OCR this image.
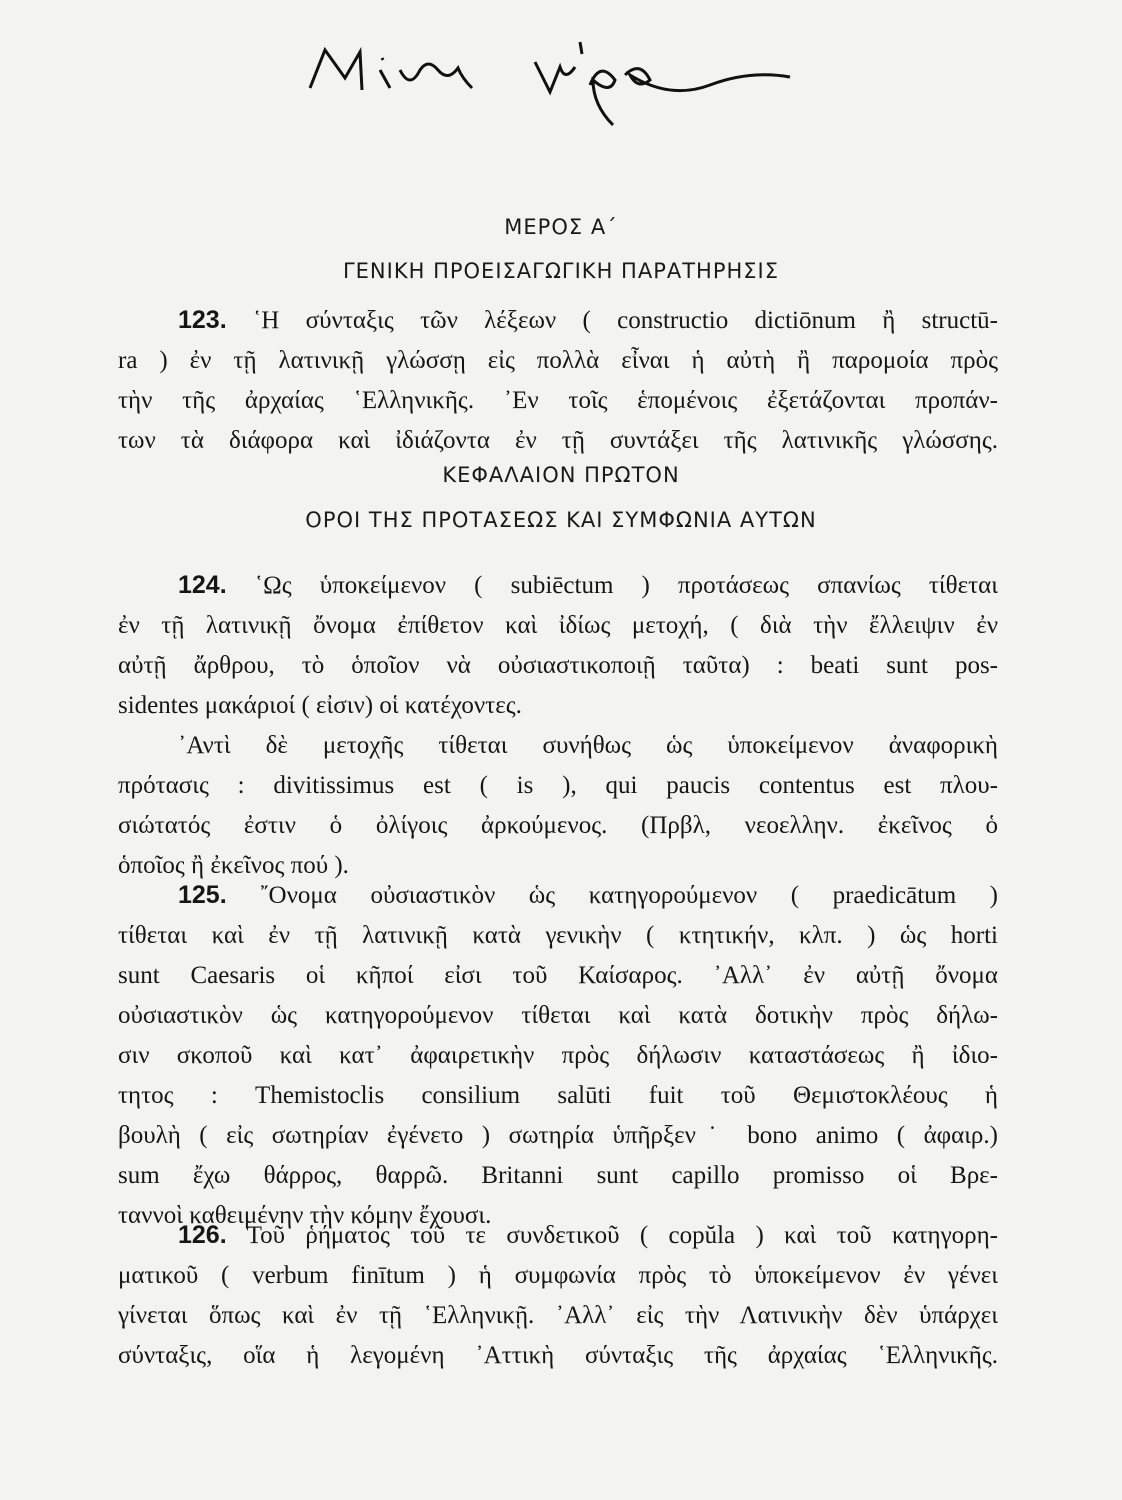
ΜΕΡΟΣ Α΄
ΓΕΝΙΚΗ ΠΡΟΕΙΣΑΓΩΓΙΚΗ ΠΑΡΑΤΗΡΗΣΙΣ
123. ῾Η σύνταξις τῶν λέξεων ( constructio dictiōnum ἢ structū-
ra ) ἐν τῇ λατινικῇ γλώσσῃ εἰς πολλὰ εἶναι ἡ αὐτὴ ἢ παρομοία πρὸς
τὴν τῆς ἀρχαίας ῾Ελληνικῆς. ᾿Εν τοῖς ἑπομένοις ἐξετάζονται προπάν-
των τὰ διάφορα καὶ ἰδιάζοντα ἐν τῇ συντάξει τῆς λατινικῆς γλώσσης.
ΚΕΦΑΛΑΙΟΝ ΠΡΩΤΟΝ
ΟΡΟΙ ΤΗΣ ΠΡΟΤΑΣΕΩΣ ΚΑΙ ΣΥΜΦΩΝΙΑ ΑΥΤΩΝ
124. ῾Ως ὑποκείμενον ( subiēctum ) προτάσεως σπανίως τίθεται
ἐν τῇ λατινικῇ ὄνομα ἐπίθετον καὶ ἰδίως μετοχή, ( διὰ τὴν ἔλλειψιν ἐν
αὐτῇ ἄρθρου, τὸ ὁποῖον νὰ οὐσιαστικοποιῇ ταῦτα) : beati sunt pos-
sidentes μακάριοί ( εἰσιν) οἱ κατέχοντες.
᾿Αντὶ δὲ μετοχῆς τίθεται συνήθως ὡς ὑποκείμενον ἀναφορικὴ
πρότασις : divitissimus est ( is ), qui paucis contentus est πλου-
σιώτατός ἐστιν ὁ ὀλίγοις ἀρκούμενος. (Πρβλ, νεοελλην. ἐκεῖνος ὁ
ὁποῖος ἢ ἐκεῖνος πού ).
125. ῎Ονομα οὐσιαστικὸν ὡς κατηγορούμενον ( praedicātum )
τίθεται καὶ ἐν τῇ λατινικῇ κατὰ γενικὴν ( κτητικήν, κλπ. ) ὡς horti
sunt Caesaris οἱ κῆποί εἰσι τοῦ Καίσαρος. ᾿Αλλ᾿ ἐν αὐτῇ ὄνομα
οὐσιαστικὸν ὡς κατηγορούμενον τίθεται καὶ κατὰ δοτικὴν πρὸς δήλω-
σιν σκοποῦ καὶ κατ᾿ ἀφαιρετικὴν πρὸς δήλωσιν καταστάσεως ἢ ἰδιο-
τητος : Themistoclis consilium salūti fuit τοῦ Θεμιστοκλέους ἡ
βουλὴ ( εἰς σωτηρίαν ἐγένετο ) σωτηρία ὑπῆρξεν˙ bono animo ( ἀφαιρ.)
sum ἔχω θάρρος, θαρρῶ. Britanni sunt capillo promisso οἱ Βρε-
ταννοὶ καθειμένην τὴν κόμην ἔχουσι.
126. Τοῦ ῥήματος τοῦ τε συνδετικοῦ ( copŭla ) καὶ τοῦ κατηγορη-
ματικοῦ ( verbum finītum ) ἡ συμφωνία πρὸς τὸ ὑποκείμενον ἐν γένει
γίνεται ὅπως καὶ ἐν τῇ ῾Ελληνικῇ. ᾿Αλλ᾿ εἰς τὴν Λατινικὴν δὲν ὑπάρχει
σύνταξις, οἵα ἡ λεγομένη ᾿Αττικὴ σύνταξις τῆς ἀρχαίας ῾Ελληνικῆς.
